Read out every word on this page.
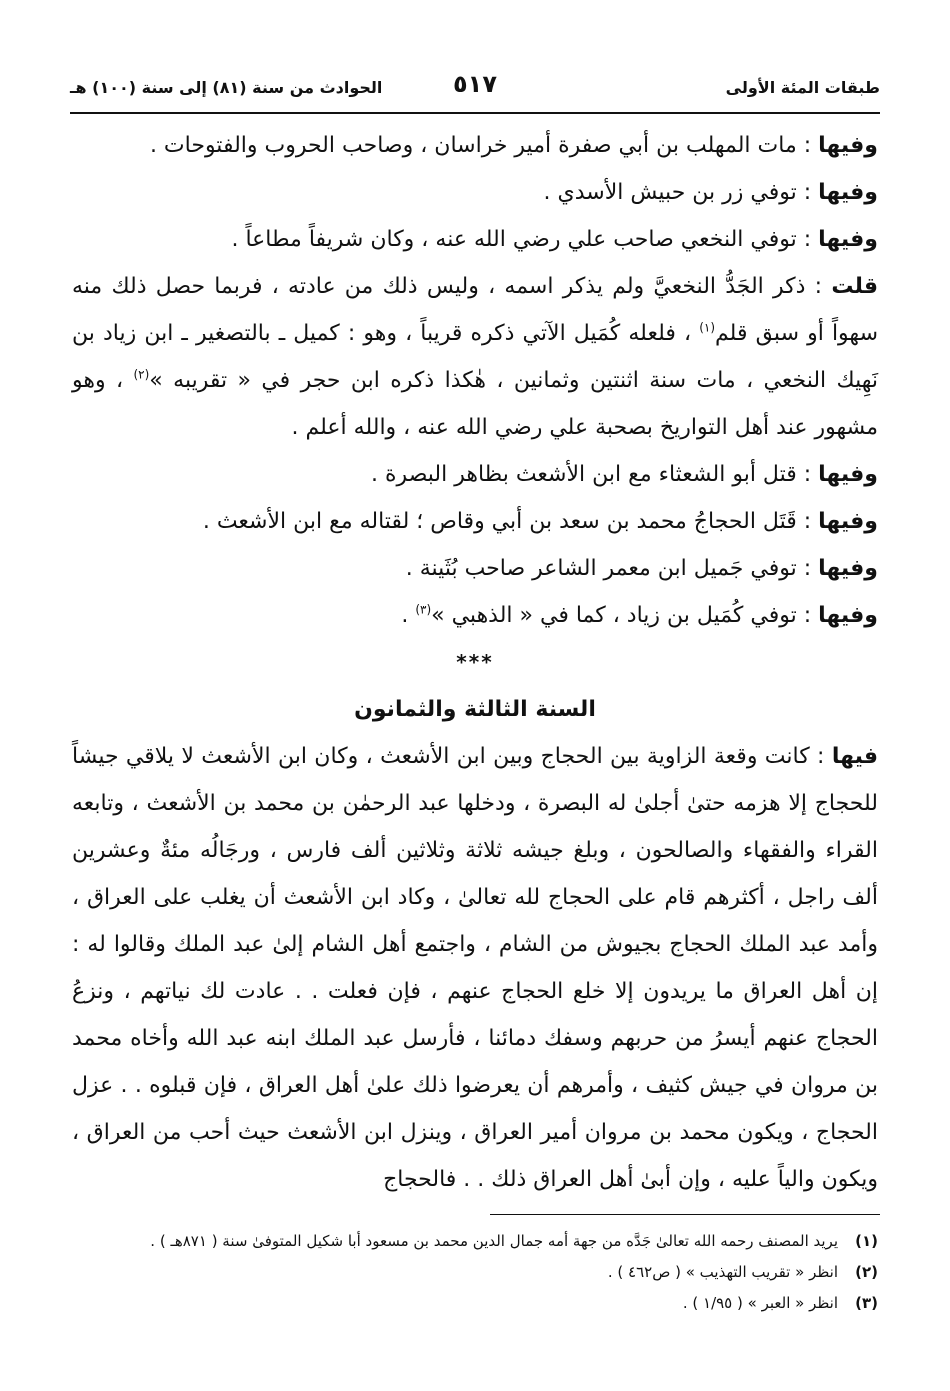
طبقات المئة الأولى
٥١٧
الحوادث من سنة (٨١) إلى سنة (١٠٠) هـ

وفيها : مات المهلب بن أبي صفرة أمير خراسان ، وصاحب الحروب والفتوحات .

وفيها : توفي زر بن حبيش الأسدي .

وفيها : توفي النخعي صاحب علي رضي الله عنه ، وكان شريفاً مطاعاً .

قلت : ذكر الجَدُّ النخعيَّ ولم يذكر اسمه ، وليس ذلك من عادته ، فربما حصل ذلك منه سهواً أو سبق قلم$^{(١)}$ ، فلعله كُمَيل الآتي ذكره قريباً ، وهو : كميل ـ بالتصغير ـ ابن زياد بن نَهِيك النخعي ، مات سنة اثنتين وثمانين ، هٰكذا ذكره ابن حجر في « تقريبه »$^{(٢)}$ ، وهو مشهور عند أهل التواريخ بصحبة علي رضي الله عنه ، والله أعلم .

وفيها : قتل أبو الشعثاء مع ابن الأشعث بظاهر البصرة .

وفيها : قَتَل الحجاجُ محمد بن سعد بن أبي وقاص ؛ لقتاله مع ابن الأشعث .

وفيها : توفي جَميل ابن معمر الشاعر صاحب بُثَينة .

وفيها : توفي كُمَيل بن زياد ، كما في « الذهبي »$^{(٣)}$ .

***

السنة الثالثة والثمانون

فيها : كانت وقعة الزاوية بين الحجاج وبين ابن الأشعث ، وكان ابن الأشعث لا يلاقي جيشاً للحجاج إلا هزمه حتىٰ أجلىٰ له البصرة ، ودخلها عبد الرحمٰن بن محمد بن الأشعث ، وتابعه القراء والفقهاء والصالحون ، وبلغ جيشه ثلاثة وثلاثين ألف فارس ، ورجَالُه مئةٌ وعشرين ألف راجل ، أكثرهم قام على الحجاج لله تعالىٰ ، وكاد ابن الأشعث أن يغلب على العراق ، وأمد عبد الملك الحجاج بجيوش من الشام ، واجتمع أهل الشام إلىٰ عبد الملك وقالوا له : إن أهل العراق ما يريدون إلا خلع الحجاج عنهم ، فإن فعلت . . عادت لك نياتهم ، ونزعُ الحجاج عنهم أيسرُ من حربهم وسفك دمائنا ، فأرسل عبد الملك ابنه عبد الله وأخاه محمد بن مروان في جيش كثيف ، وأمرهم أن يعرضوا ذلك علىٰ أهل العراق ، فإن قبلوه . . عزل الحجاج ، ويكون محمد بن مروان أمير العراق ، وينزل ابن الأشعث حيث أحب من العراق ، ويكون والياً عليه ، وإن أبىٰ أهل العراق ذلك . . فالحجاج

(١)يريد المصنف رحمه الله تعالىٰ جَدَّه من جهة أمه جمال الدين محمد بن مسعود أبا شكيل المتوفىٰ سنة ( ٨٧١هـ ) .

(٢)انظر « تقريب التهذيب » ( ص٤٦٢ ) .

(٣)انظر « العبر » ( ١/٩٥ ) .
